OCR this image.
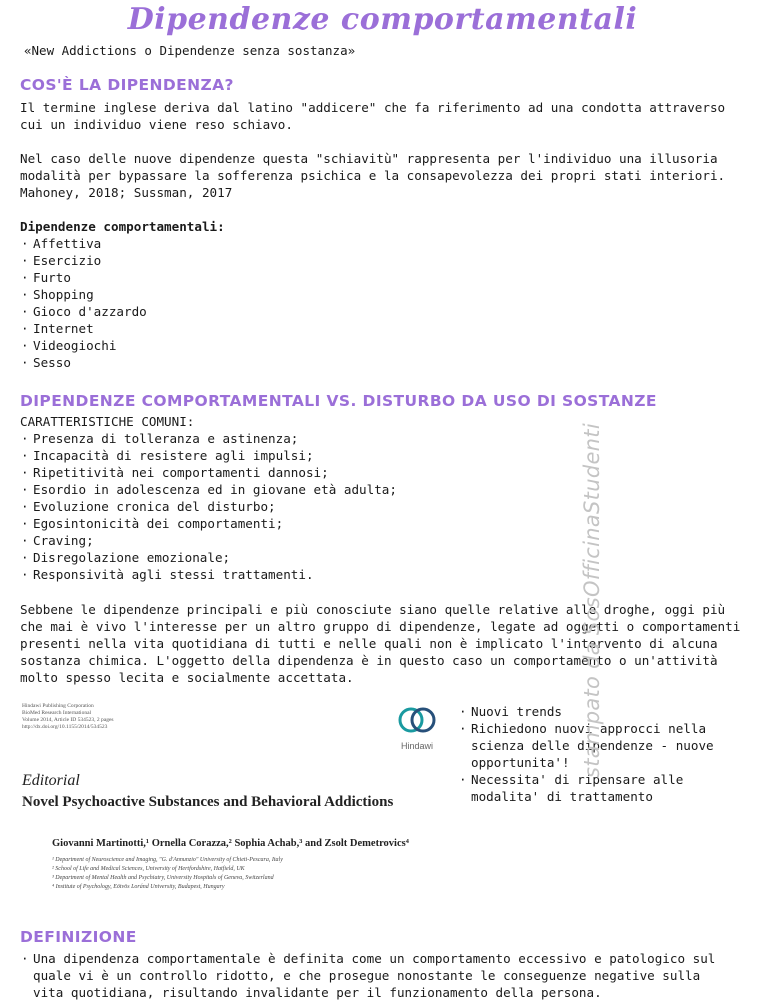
Dipendenze comportamentali
«New Addictions o Dipendenze senza sostanza»
COS'È LA DIPENDENZA?
Il termine inglese deriva dal latino "addicere" che fa riferimento ad una condotta attraverso cui un individuo viene reso schiavo.
Nel caso delle nuove dipendenze questa "schiavitù" rappresenta per l'individuo una illusoria modalità per bypassare la sofferenza psichica e la consapevolezza dei propri stati interiori.
Mahoney, 2018; Sussman, 2017
Dipendenze comportamentali:
· Affettiva
· Esercizio
· Furto
· Shopping
· Gioco d'azzardo
· Internet
· Videogiochi
· Sesso
DIPENDENZE COMPORTAMENTALI VS. DISTURBO DA USO DI SOSTANZE
CARATTERISTICHE COMUNI:
· Presenza di tolleranza e astinenza;
· Incapacità di resistere agli impulsi;
· Ripetitività nei comportamenti dannosi;
· Esordio in adolescenza ed in giovane età adulta;
· Evoluzione cronica del disturbo;
· Egosintonicità dei comportamenti;
· Craving;
· Disregolazione emozionale;
· Responsività agli stessi trattamenti.
Sebbene le dipendenze principali e più conosciute siano quelle relative alle droghe, oggi più che mai è vivo l'interesse per un altro gruppo di dipendenze, legate ad oggetti o comportamenti presenti nella vita quotidiana di tutti e nelle quali non è implicato l'intervento di alcuna sostanza chimica. L'oggetto della dipendenza è in questo caso un comportamento o un'attività molto spesso lecita e socialmente accettata.
Hindawi Publishing Corporation
BioMed Research International
Volume 2014, Article ID 534523, 2 pages
http://dx.doi.org/10.1155/2014/534523
Hindawi
Editorial
Novel Psychoactive Substances and Behavioral Addictions
Giovanni Martinotti,¹ Ornella Corazza,² Sophia Achab,³ and Zsolt Demetrovics⁴
¹ Department of Neuroscience and Imaging, "G. d'Annunzio" University of Chieti-Pescara, Italy
² School of Life and Medical Sciences, University of Hertfordshire, Hatfield, UK
³ Department of Mental Health and Psychiatry, University Hospitals of Geneva, Switzerland
⁴ Institute of Psychology, Eötvös Loránd University, Budapest, Hungary
· Nuovi trends
· Richiedono nuovi approcci nella scienza delle dipendenze - nuove opportunita'!
· Necessita' di ripensare alle modalita' di trattamento
stampato da SosOfficinaStudenti
DEFINIZIONE
· Una dipendenza comportamentale è definita come un comportamento eccessivo e patologico sul quale vi è un controllo ridotto, e che prosegue nonostante le conseguenze negative sulla vita quotidiana, risultando invalidante per il funzionamento della persona.
